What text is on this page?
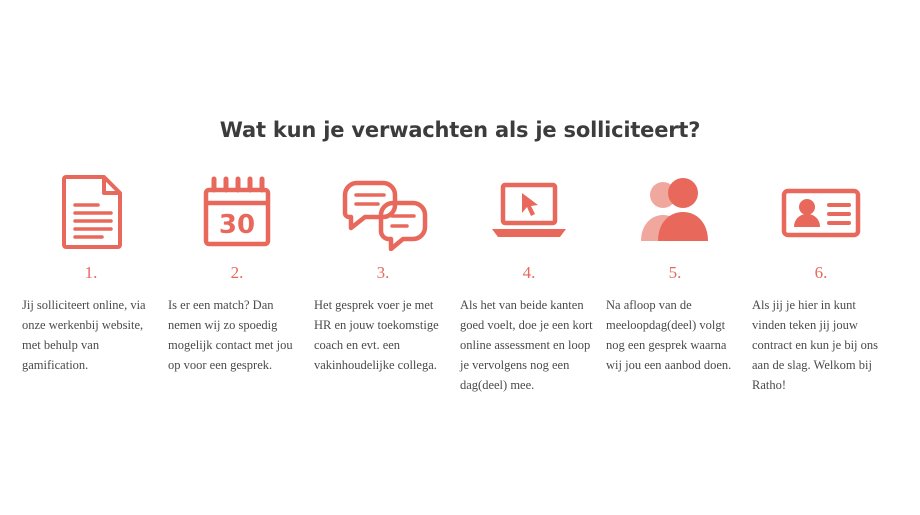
Wat kun je verwachten als je solliciteert?
1.
Jij solliciteert online, via onze werkenbij website, met behulp van gamification.
30
2.
Is er een match? Dan nemen wij zo spoedig mogelijk contact met jou op voor een gesprek.
3.
Het gesprek voer je met HR en jouw toekomstige coach en evt. een vakinhoudelijke collega.
4.
Als het van beide kanten goed voelt, doe je een kort online assessment en loop je vervolgens nog een dag(deel) mee.
5.
Na afloop van de meeloopdag(deel) volgt nog een gesprek waarna wij jou een aanbod doen.
6.
Als jij je hier in kunt vinden teken jij jouw contract en kun je bij ons aan de slag. Welkom bij Ratho!
